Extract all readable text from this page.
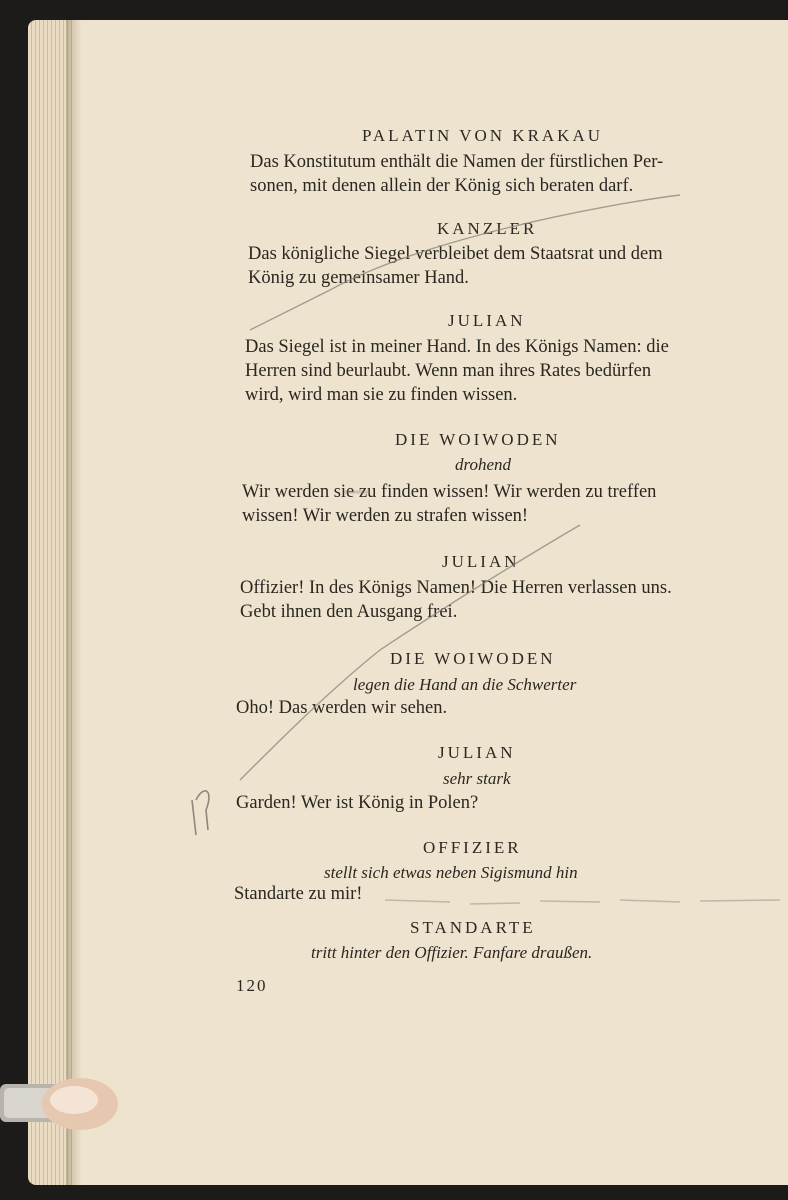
PALATIN VON KRAKAU
Das Konstitutum enthält die Namen der fürstlichen Per-
sonen, mit denen allein der König sich beraten darf.
KANZLER
Das königliche Siegel verbleibet dem Staatsrat und dem
König zu gemeinsamer Hand.
JULIAN
Das Siegel ist in meiner Hand. In des Königs Namen: die
Herren sind beurlaubt. Wenn man ihres Rates bedürfen
wird, wird man sie zu finden wissen.
DIE WOIWODEN
drohend
Wir werden sie zu finden wissen! Wir werden zu treffen
wissen! Wir werden zu strafen wissen!
JULIAN
Offizier! In des Königs Namen! Die Herren verlassen uns.
Gebt ihnen den Ausgang frei.
DIE WOIWODEN
legen die Hand an die Schwerter
Oho! Das werden wir sehen.
JULIAN
sehr stark
Garden! Wer ist König in Polen?
OFFIZIER
stellt sich etwas neben Sigismund hin
Standarte zu mir!
STANDARTE
tritt hinter den Offizier. Fanfare draußen.
120
